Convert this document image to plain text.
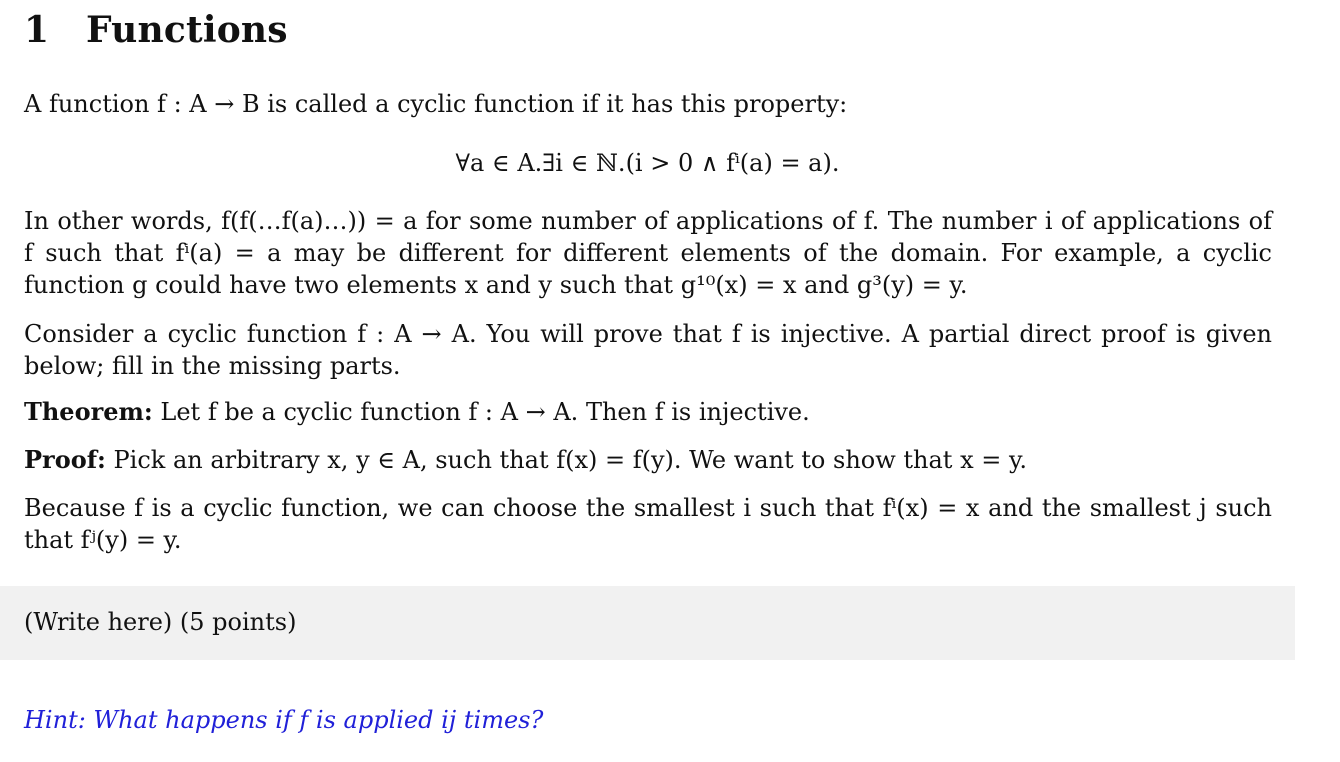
1 Functions
A function f : A → B is called a cyclic function if it has this property:
∀a ∈ A.∃i ∈ ℕ.(i > 0 ∧ fⁱ(a) = a).
In other words, f(f(…f(a)…)) = a for some number of applications of f. The number i of applications of f such that fⁱ(a) = a may be different for different elements of the domain. For example, a cyclic function g could have two elements x and y such that g¹⁰(x) = x and g³(y) = y.
Consider a cyclic function f : A → A. You will prove that f is injective. A partial direct proof is given below; fill in the missing parts.
Theorem: Let f be a cyclic function f : A → A. Then f is injective.
Proof: Pick an arbitrary x, y ∈ A, such that f(x) = f(y). We want to show that x = y.
Because f is a cyclic function, we can choose the smallest i such that fⁱ(x) = x and the smallest j such that fʲ(y) = y.
(Write here) (5 points)
Hint: What happens if f is applied ij times?
